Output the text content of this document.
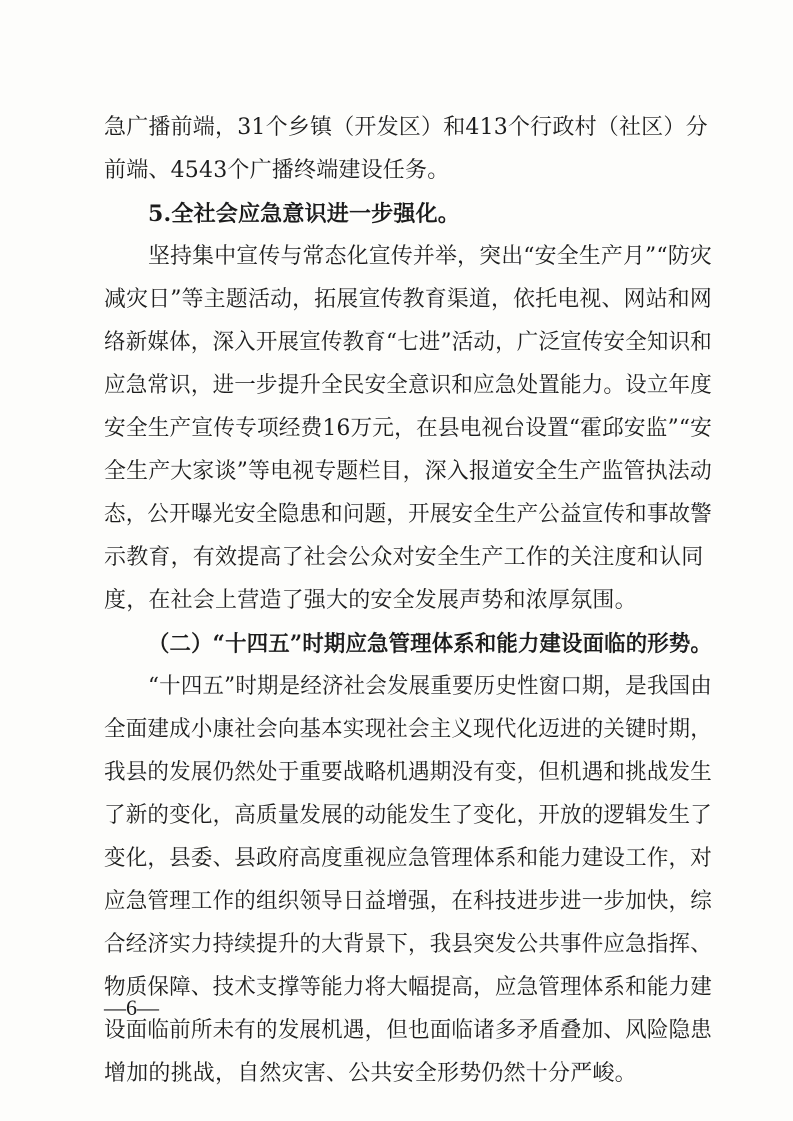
急广播前端，31个乡镇（开发区）和413个行政村（社区）分
前端、4543个广播终端建设任务。
5.全社会应急意识进一步强化。
坚持集中宣传与常态化宣传并举，突出“安全生产月”“防灾
减灾日”等主题活动，拓展宣传教育渠道，依托电视、网站和网
络新媒体，深入开展宣传教育“七进”活动，广泛宣传安全知识和
应急常识，进一步提升全民安全意识和应急处置能力。设立年度
安全生产宣传专项经费16万元，在县电视台设置“霍邱安监”“安
全生产大家谈”等电视专题栏目，深入报道安全生产监管执法动
态，公开曝光安全隐患和问题，开展安全生产公益宣传和事故警
示教育，有效提高了社会公众对安全生产工作的关注度和认同
度，在社会上营造了强大的安全发展声势和浓厚氛围。
（二）“十四五”时期应急管理体系和能力建设面临的形势。
“十四五”时期是经济社会发展重要历史性窗口期，是我国由
全面建成小康社会向基本实现社会主义现代化迈进的关键时期，
我县的发展仍然处于重要战略机遇期没有变，但机遇和挑战发生
了新的变化，高质量发展的动能发生了变化，开放的逻辑发生了
变化，县委、县政府高度重视应急管理体系和能力建设工作，对
应急管理工作的组织领导日益增强，在科技进步进一步加快，综
合经济实力持续提升的大背景下，我县突发公共事件应急指挥、
物质保障、技术支撑等能力将大幅提高，应急管理体系和能力建
设面临前所未有的发展机遇，但也面临诸多矛盾叠加、风险隐患
增加的挑战，自然灾害、公共安全形势仍然十分严峻。
—6—
